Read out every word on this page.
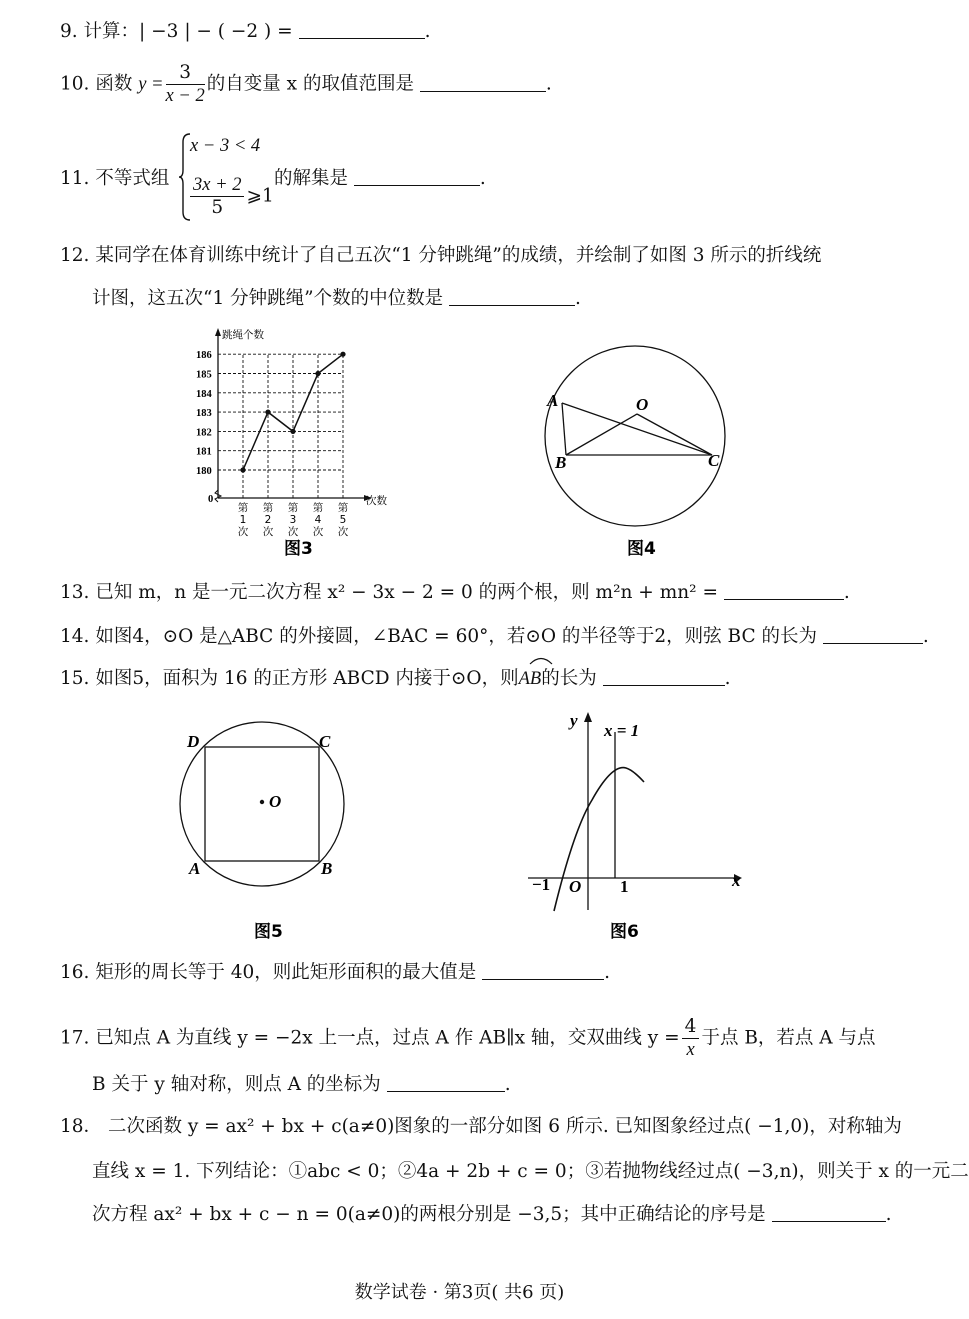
9. 计算：| −3 | − ( −2 ) =	.
10. 函数 $y = \frac{3}{x - 2}$ 的自变量 x 的取值范围是	.
11. 不等式组
x − 3 < 4
$\frac{3x + 2}{5}$ ⩾1
的解集是	.
12. 某同学在体育训练中统计了自己五次“1 分钟跳绳”的成绩，并绘制了如图 3 所示的折线统
计图，这五次“1 分钟跳绳”个数的中位数是	.
180
181
182
183
184
185
186
跳绳个数
次数
0
第
1
次
第
2
次
第
3
次
第
4
次
第
5
次
图3
A	O
B	C
图4
13. 已知 m，n 是一元二次方程 x² − 3x − 2 = 0 的两个根，则 m²n + mn² =	.
14. 如图4，⊙O 是△ABC 的外接圆，∠BAC = 60°，若⊙O 的半径等于2，则弦 BC 的长为	.
15. 如图5，面积为 16 的正方形 ABCD 内接于⊙O，则AB的长为	.
O
D	C
A	B
图5
y
x
x = 1
−1 O 1
图6
16. 矩形的周长等于 40，则此矩形面积的最大值是	.
17. 已知点 A 为直线 y = −2x 上一点，过点 A 作 AB∥x 轴，交双曲线 $y = \frac{4}{x}$ 于点 B，若点 A 与点
B 关于 y 轴对称，则点 A 的坐标为	.
18． 二次函数 y = ax² + bx + c(a≠0)图象的一部分如图 6 所示. 已知图象经过点( −1,0)，对称轴为
直线 x = 1. 下列结论：①abc < 0；②4a + 2b + c = 0；③若抛物线经过点( −3,n)，则关于 x 的一元二
次方程 ax² + bx + c − n = 0(a≠0)的两根分别是 −3,5；其中正确结论的序号是	.
数学试卷 · 第3页( 共6 页)
